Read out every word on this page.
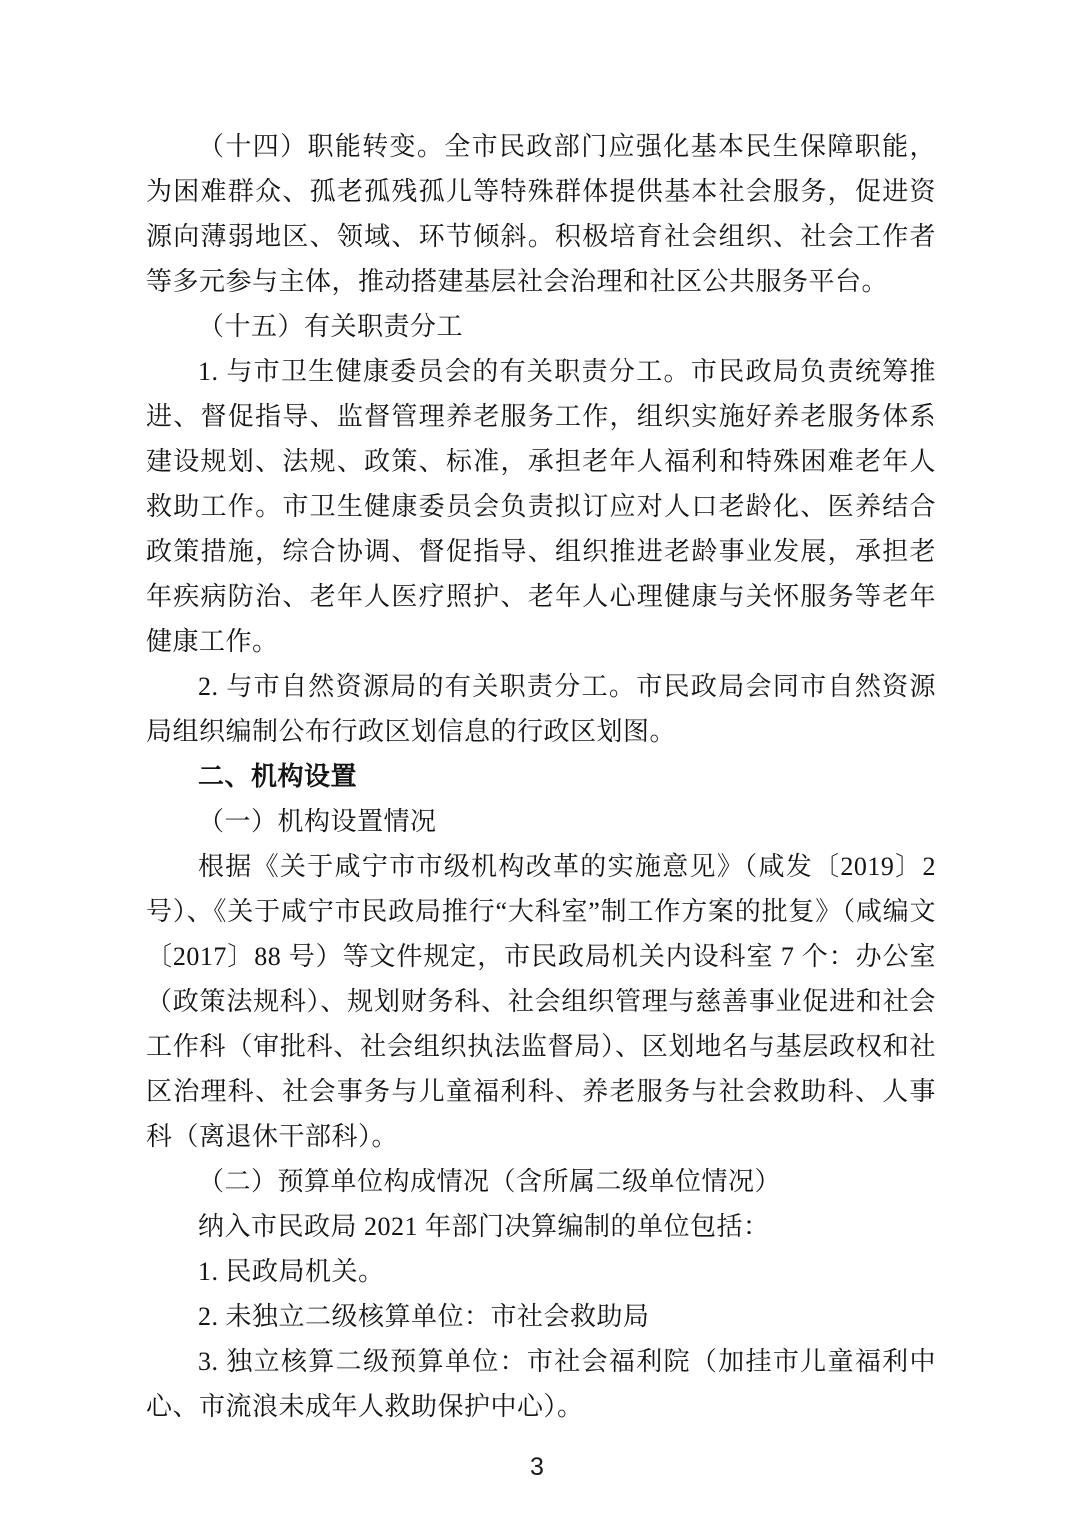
（十四）职能转变。全市民政部门应强化基本民生保障职能，为困难群众、孤老孤残孤儿等特殊群体提供基本社会服务，促进资源向薄弱地区、领域、环节倾斜。积极培育社会组织、社会工作者等多元参与主体，推动搭建基层社会治理和社区公共服务平台。

（十五）有关职责分工

1. 与市卫生健康委员会的有关职责分工。市民政局负责统筹推进、督促指导、监督管理养老服务工作，组织实施好养老服务体系建设规划、法规、政策、标准，承担老年人福利和特殊困难老年人救助工作。市卫生健康委员会负责拟订应对人口老龄化、医养结合政策措施，综合协调、督促指导、组织推进老龄事业发展，承担老年疾病防治、老年人医疗照护、老年人心理健康与关怀服务等老年健康工作。

2. 与市自然资源局的有关职责分工。市民政局会同市自然资源局组织编制公布行政区划信息的行政区划图。

二、机构设置

（一）机构设置情况

根据《关于咸宁市市级机构改革的实施意见》（咸发〔2019〕2 号）、《关于咸宁市民政局推行“大科室”制工作方案的批复》（咸编文〔2017〕88 号）等文件规定，市民政局机关内设科室 7 个：办公室（政策法规科）、规划财务科、社会组织管理与慈善事业促进和社会工作科（审批科、社会组织执法监督局）、区划地名与基层政权和社区治理科、社会事务与儿童福利科、养老服务与社会救助科、人事科（离退休干部科）。

（二）预算单位构成情况（含所属二级单位情况）

纳入市民政局 2021 年部门决算编制的单位包括：

1. 民政局机关。

2. 未独立二级核算单位：市社会救助局

3. 独立核算二级预算单位：市社会福利院（加挂市儿童福利中心、市流浪未成年人救助保护中心）。

3
